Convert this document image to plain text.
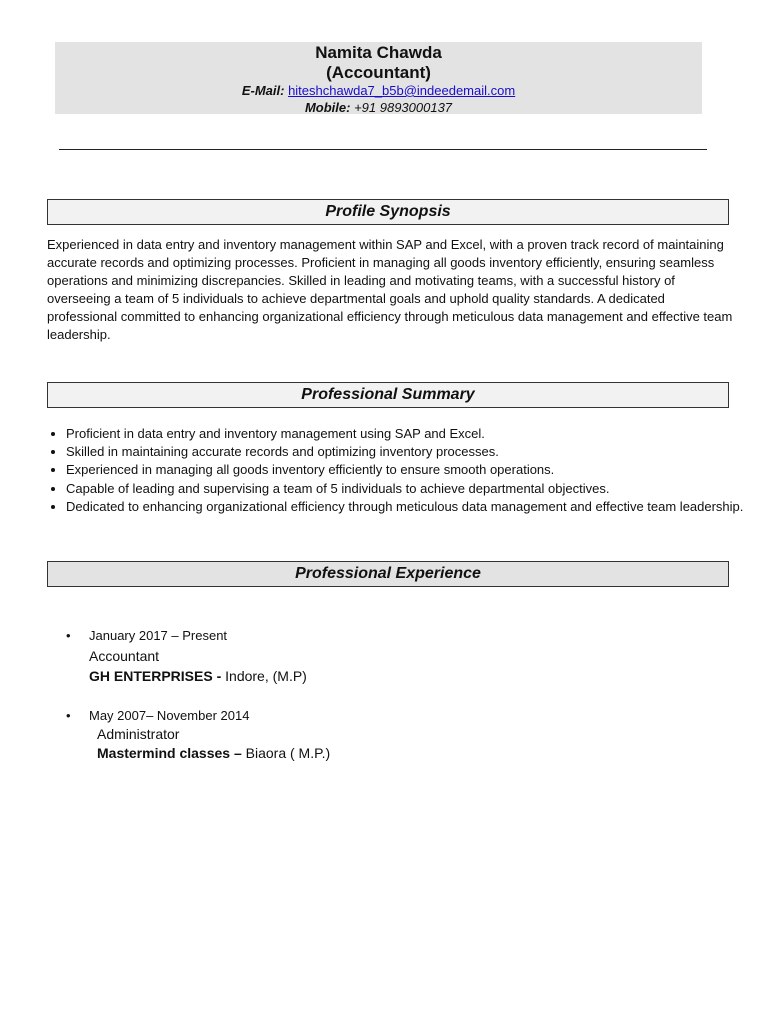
Namita Chawda
(Accountant)
E-Mail: hiteshchawda7_b5b@indeedemail.com
Mobile: +91 9893000137
Profile Synopsis
Experienced in data entry and inventory management within SAP and Excel, with a proven track record of maintaining accurate records and optimizing processes. Proficient in managing all goods inventory efficiently, ensuring seamless operations and minimizing discrepancies. Skilled in leading and motivating teams, with a successful history of overseeing a team of 5 individuals to achieve departmental goals and uphold quality standards. A dedicated professional committed to enhancing organizational efficiency through meticulous data management and effective team leadership.
Professional Summary
• Proficient in data entry and inventory management using SAP and Excel.
• Skilled in maintaining accurate records and optimizing inventory processes.
• Experienced in managing all goods inventory efficiently to ensure smooth operations.
• Capable of leading and supervising a team of 5 individuals to achieve departmental objectives.
• Dedicated to enhancing organizational efficiency through meticulous data management and effective team leadership.
Professional Experience
• January 2017 – Present
Accountant
GH ENTERPRISES - Indore, (M.P)
• May 2007– November 2014
Administrator
Mastermind classes – Biaora ( M.P.)
